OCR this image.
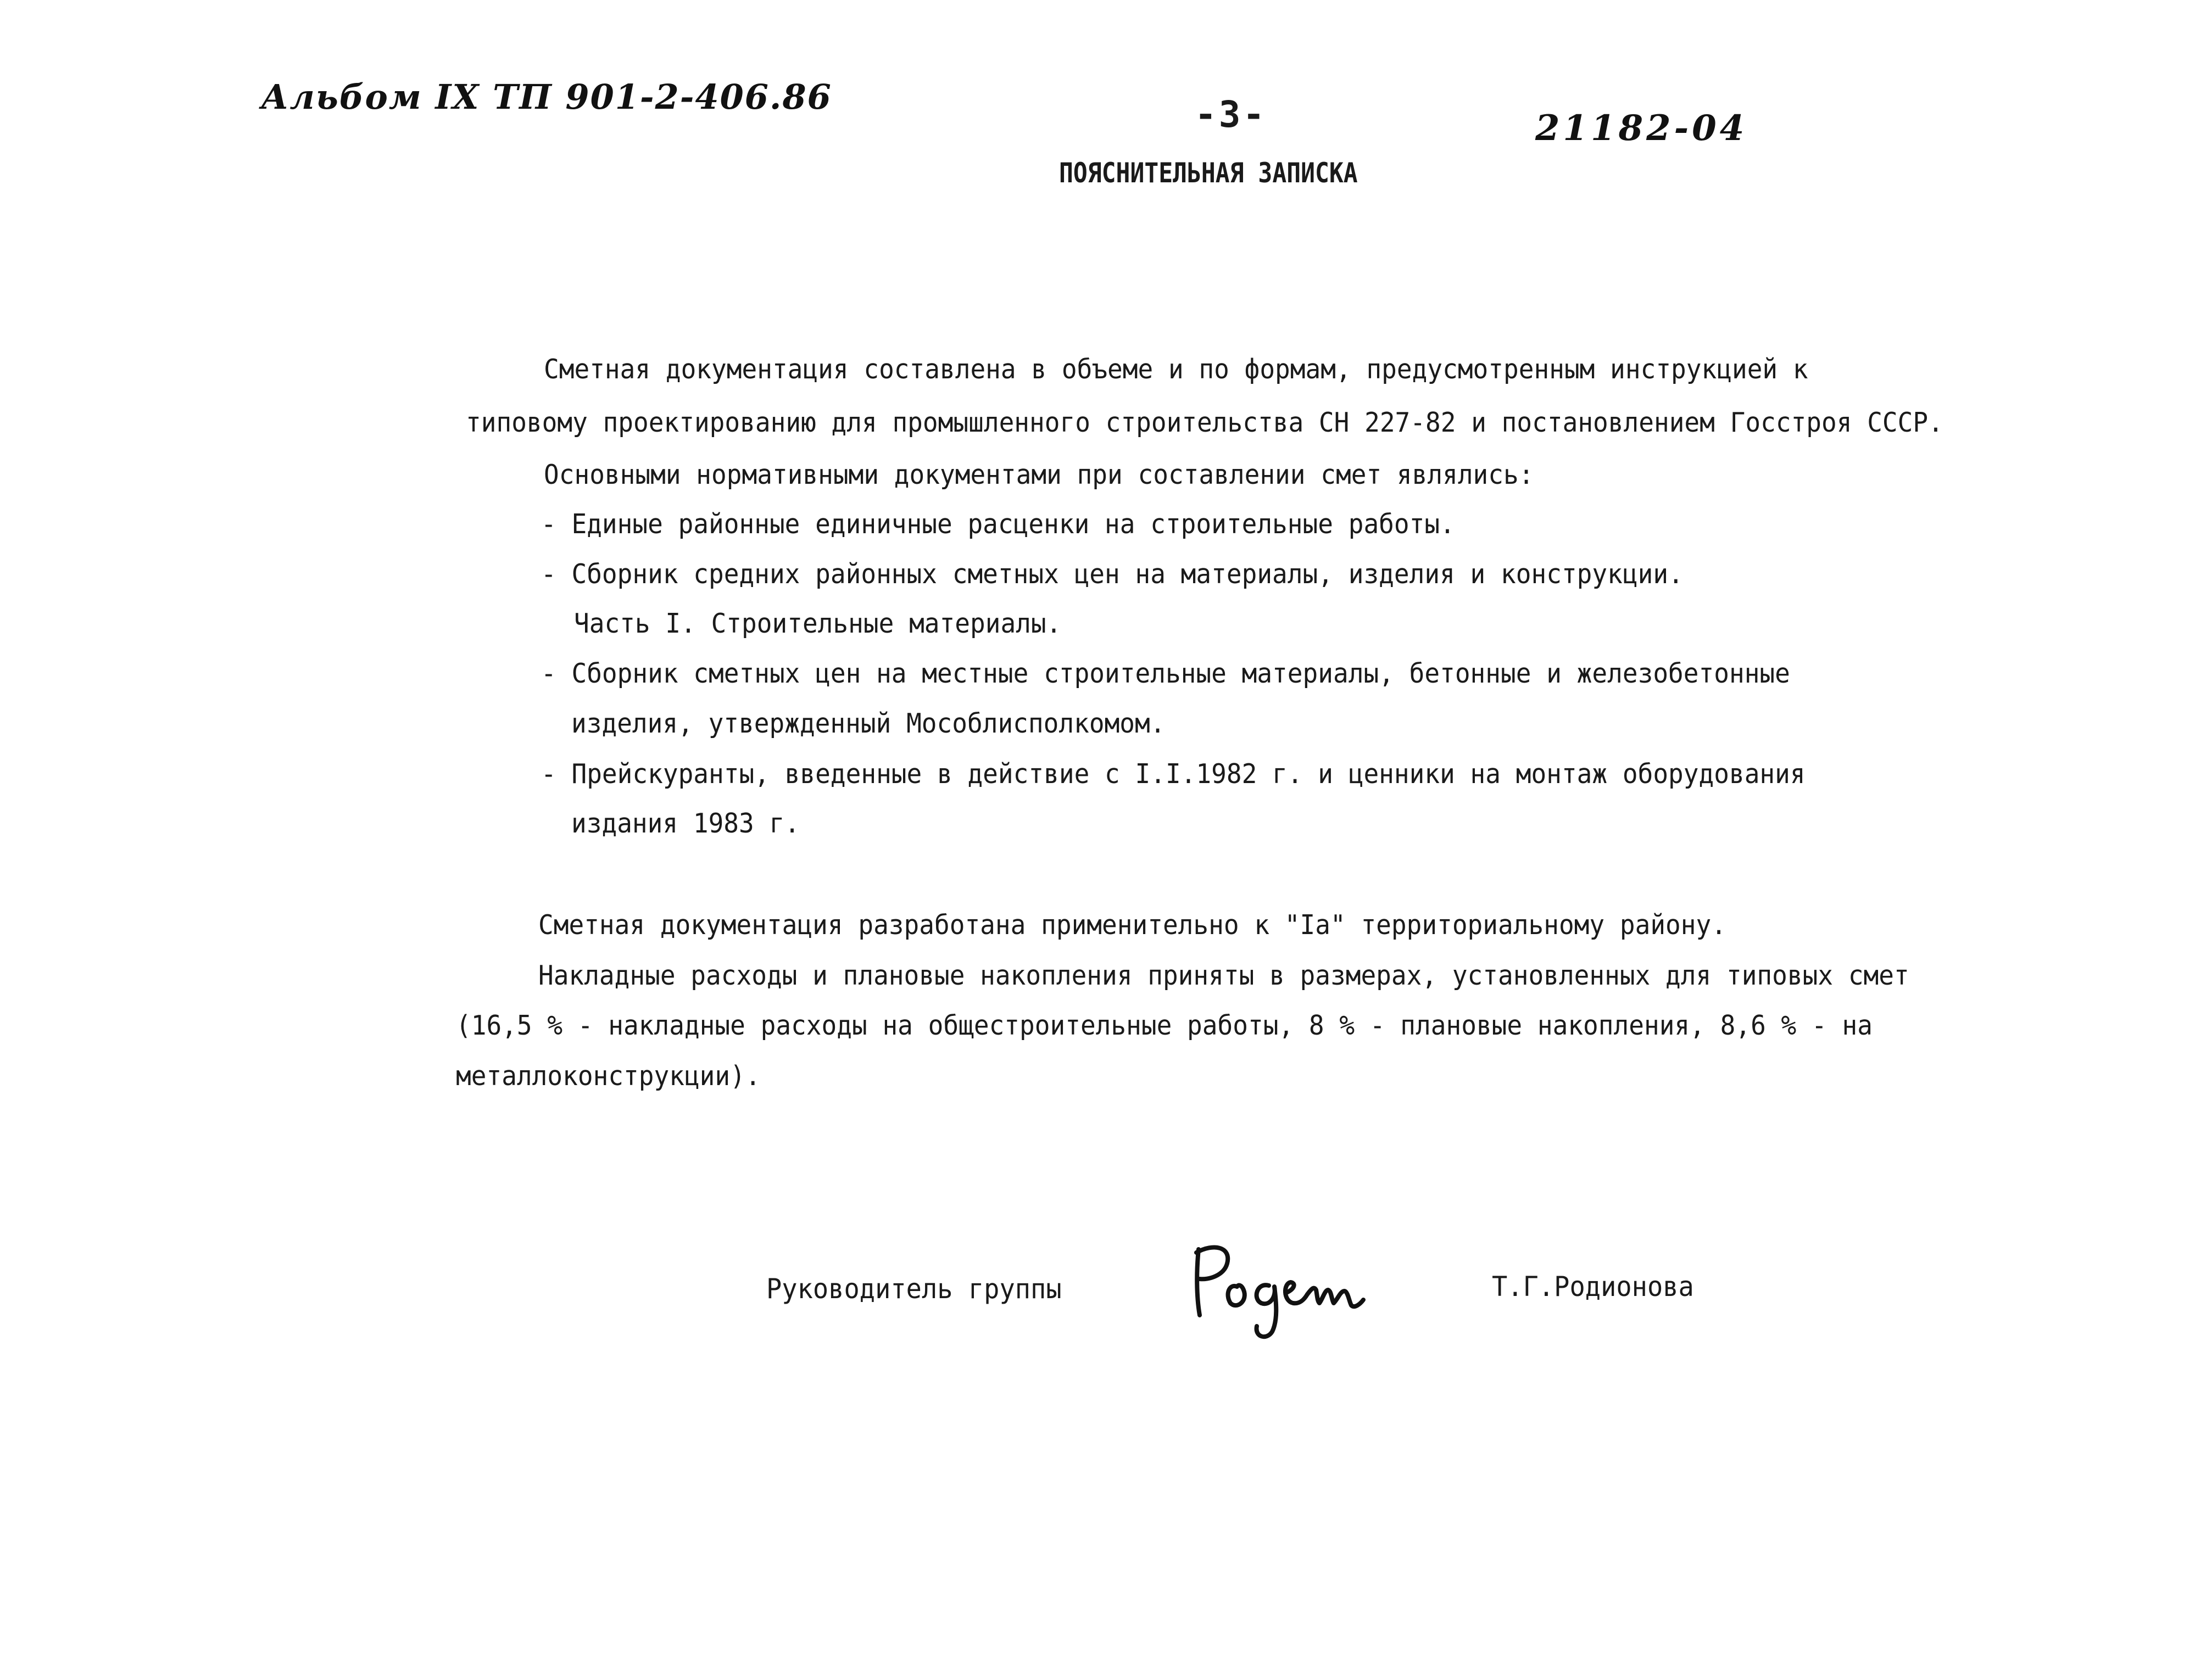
Альбом IX ТП 901-2-406.86	-3-	21182-04
ПОЯСНИТЕЛЬНАЯ ЗАПИСКА
Сметная документация составлена в объеме и по формам, предусмотренным инструкцией к
типовому проектированию для промышленного строительства СН 227-82 и постановлением Госстроя СССР.
Основными нормативными документами при составлении смет являлись:
- Единые районные единичные расценки на строительные работы.
- Сборник средних районных сметных цен на материалы, изделия и конструкции.
Часть I. Строительные материалы.
- Сборник сметных цен на местные строительные материалы, бетонные и железобетонные
изделия, утвержденный Мособлисполкомом.
- Прейскуранты, введенные в действие с I.I.1982 г. и ценники на монтаж оборудования
издания 1983 г.
Сметная документация разработана применительно к "Iа" территориальному району.
Накладные расходы и плановые накопления приняты в размерах, установленных для типовых смет
(16,5 % - накладные расходы на общестроительные работы, 8 % - плановые накопления, 8,6 % - на
металлоконструкции).
Руководитель группы	Т.Г.Родионова
